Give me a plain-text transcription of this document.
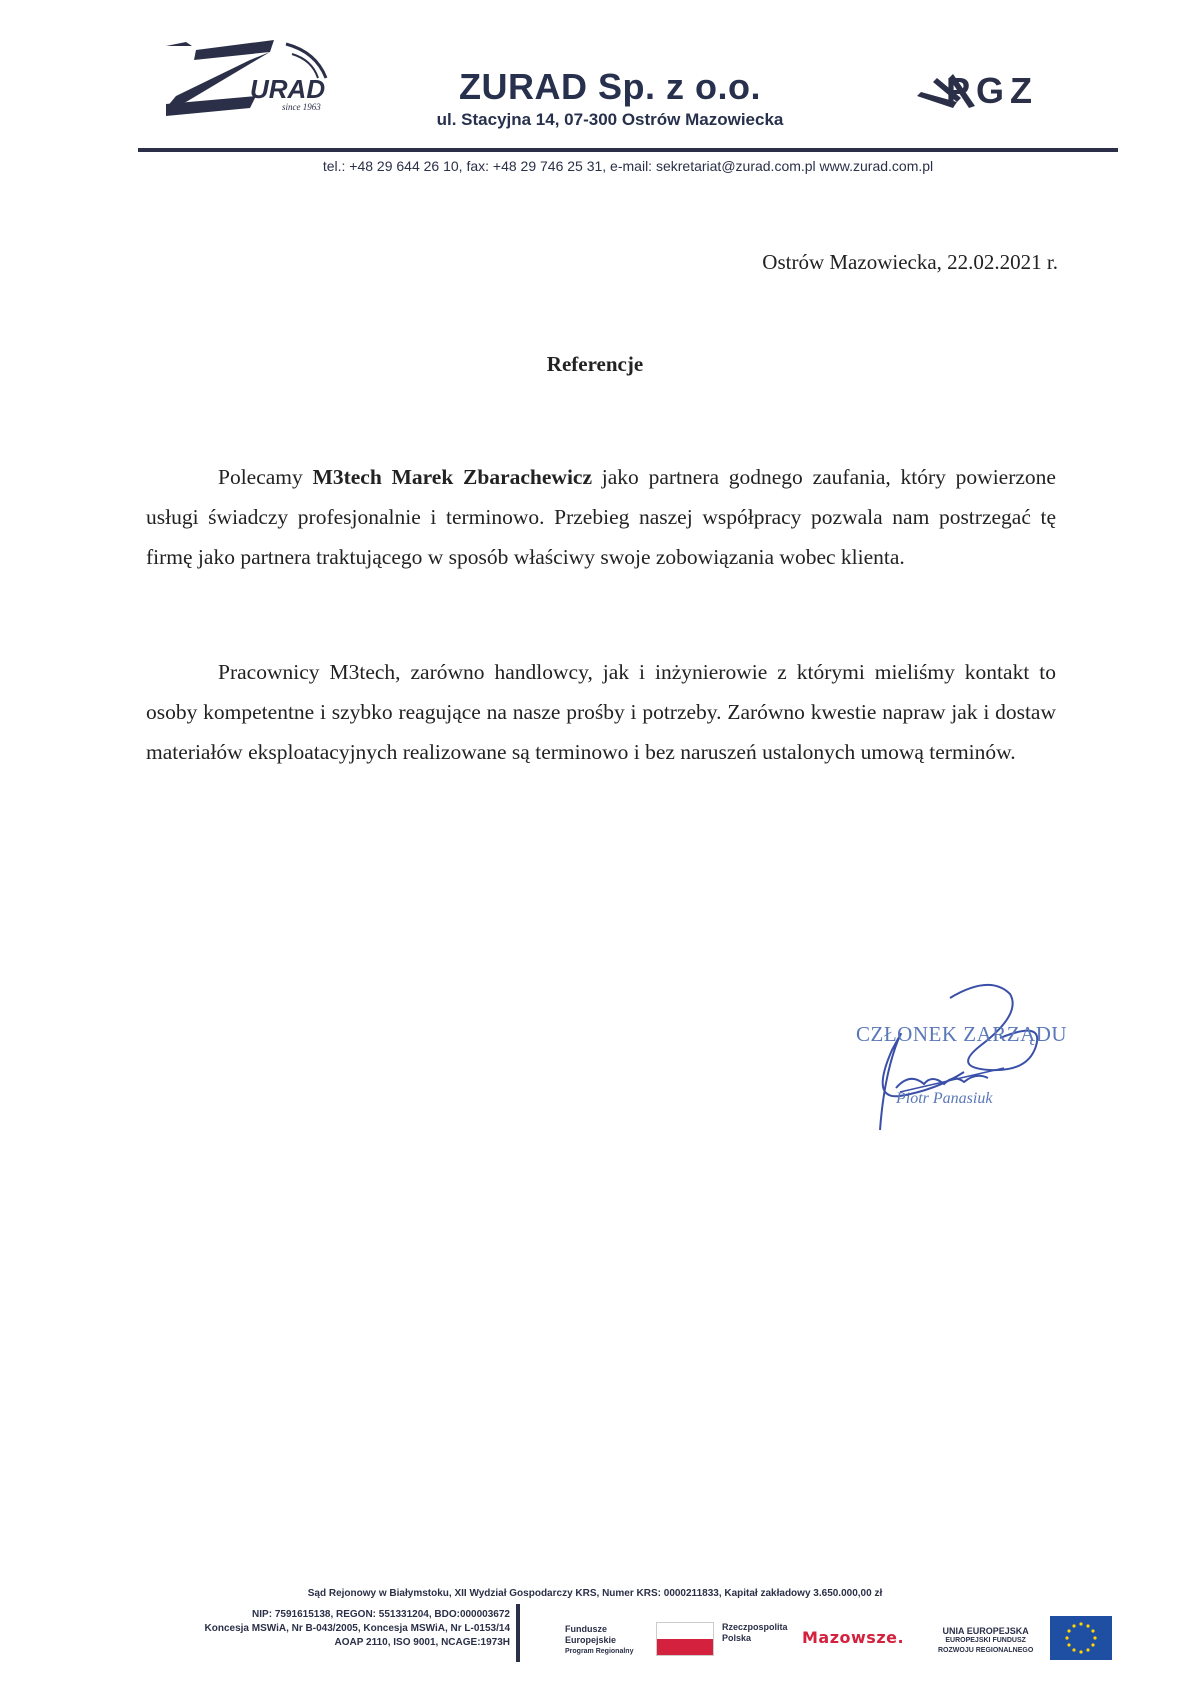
URAD
since 1963	ZURAD Sp. z o.o.
ul. Stacyjna 14, 07-300 Ostrów Mazowiecka
PGZ
tel.: +48 29 644 26 10, fax: +48 29 746 25 31, e-mail: sekretariat@zurad.com.pl www.zurad.com.pl
Ostrów Mazowiecka, 22.02.2021 r.
Referencje
Polecamy M3tech Marek Zbarachewicz jako partnera godnego zaufania, który powierzone usługi świadczy profesjonalnie i terminowo. Przebieg naszej współpracy pozwala nam postrzegać tę firmę jako partnera traktującego w sposób właściwy swoje zobowiązania wobec klienta.
Pracownicy M3tech, zarówno handlowcy, jak i inżynierowie z którymi mieliśmy kontakt to osoby kompetentne i szybko reagujące na nasze prośby i potrzeby. Zarówno kwestie napraw jak i dostaw materiałów eksploatacyjnych realizowane są terminowo i bez naruszeń ustalonych umową terminów.
CZŁONEK ZARZĄDU
Piotr Panasiuk
Sąd Rejonowy w Białymstoku, XII Wydział Gospodarczy KRS, Numer KRS: 0000211833, Kapitał zakładowy 3.650.000,00 zł
NIP: 7591615138, REGON: 551331204, BDO:000003672
Koncesja MSWiA, Nr B-043/2005, Koncesja MSWiA, Nr L-0153/14
AOAP 2110, ISO 9001, NCAGE:1973H
Fundusze
Europejskie
Program Regionalny
Rzeczpospolita
Polska	Mazowsze.	UNIA EUROPEJSKA
EUROPEJSKI FUNDUSZ
ROZWOJU REGIONALNEGO
